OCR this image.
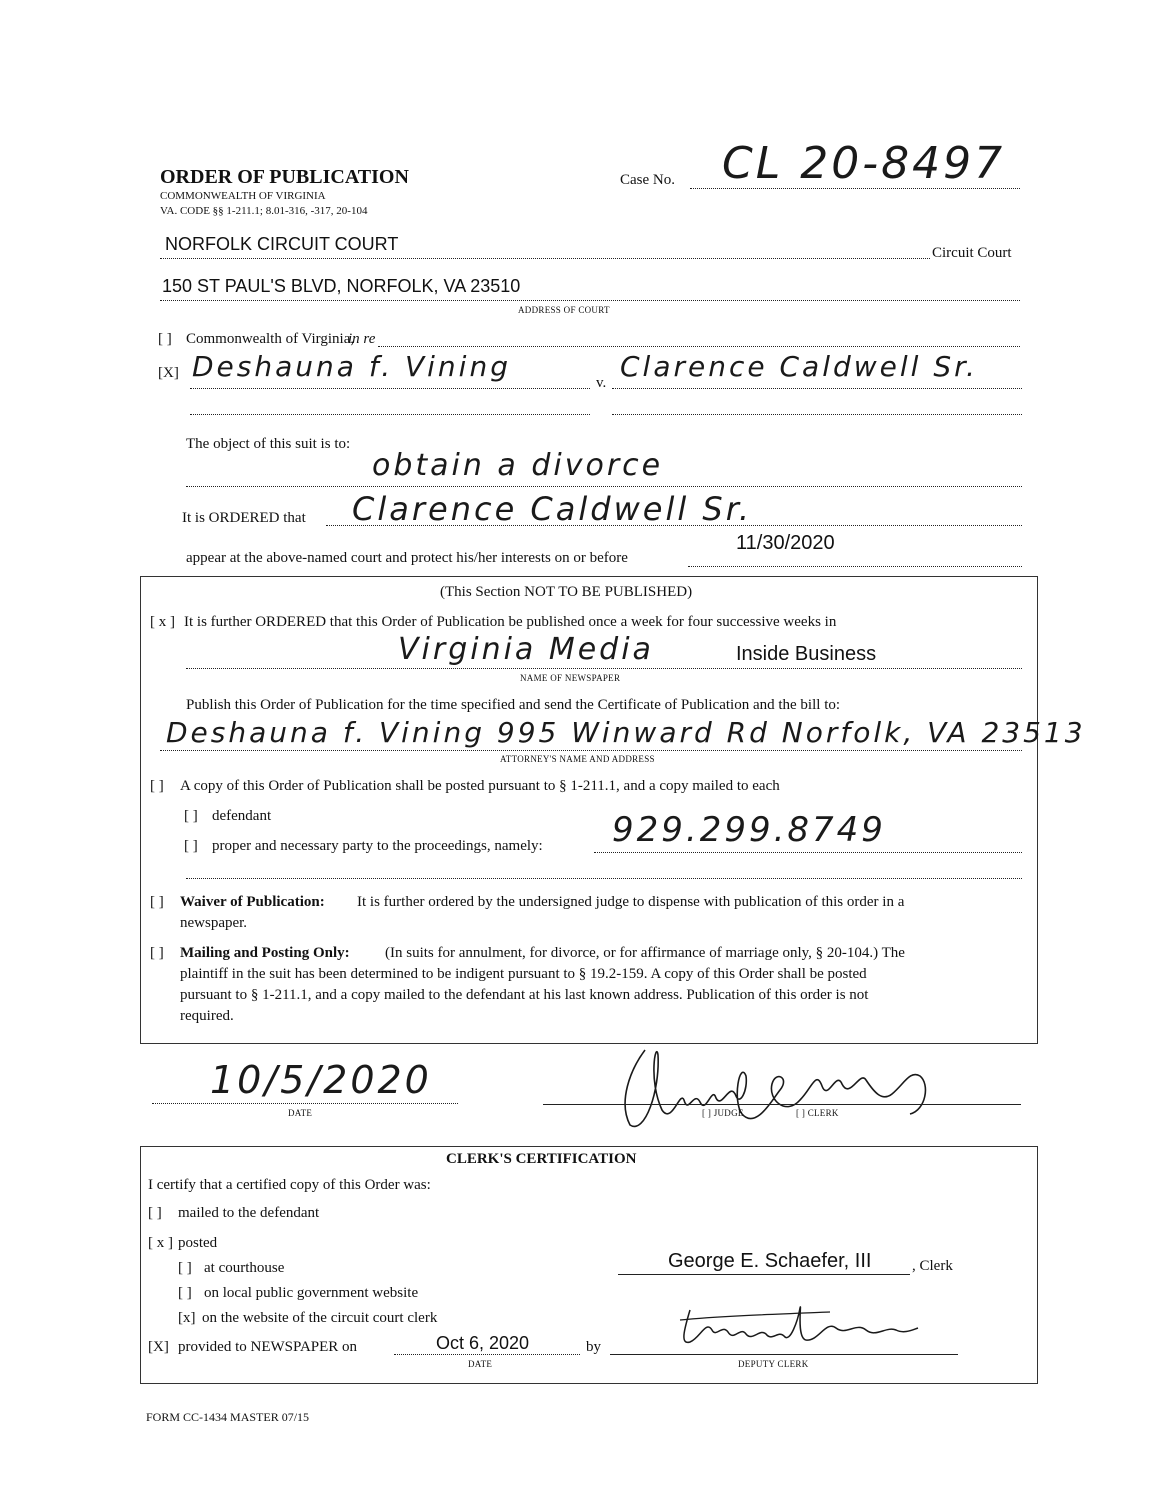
ORDER OF PUBLICATION
COMMONWEALTH OF VIRGINIA
VA. CODE §§ 1-211.1; 8.01-316, -317, 20-104
Case No. CL 20-8497
NORFOLK CIRCUIT COURT	Circuit Court
150 ST PAUL'S BLVD, NORFOLK, VA 23510
ADDRESS OF COURT
[ ] Commonwealth of Virginia,
in re
[X] Deshauna f. Vining	v. Clarence Caldwell Sr.
The object of this suit is to:
obtain a divorce
It is ORDERED that Clarence Caldwell Sr.
appear at the above-named court and protect his/her interests on or before
11/30/2020
(This Section NOT TO BE PUBLISHED)
[ x ] It is further ORDERED that this Order of Publication be published once a week for four successive weeks in
Virginia Media	Inside Business
NAME OF NEWSPAPER
Publish this Order of Publication for the time specified and send the Certificate of Publication and the bill to:
Deshauna f. Vining 995 Winward Rd Norfolk, VA 23513
ATTORNEY'S NAME AND ADDRESS
[ ] A copy of this Order of Publication shall be posted pursuant to § 1-211.1, and a copy mailed to each
[ ] defendant
[ ] proper and necessary party to the proceedings, namely: 929.299.8749
[ ] Waiver of Publication: It is further ordered by the undersigned judge to dispense with publication of this order in a
newspaper.
[ ] Mailing and Posting Only: (In suits for annulment, for divorce, or for affirmance of marriage only, § 20-104.) The
plaintiff in the suit has been determined to be indigent pursuant to § 19.2-159. A copy of this Order shall be posted
pursuant to § 1-211.1, and a copy mailed to the defendant at his last known address. Publication of this order is not
required.
10/5/2020
DATE	[ ] JUDGE	[ ] CLERK
CLERK'S CERTIFICATION
I certify that a certified copy of this Order was:
[ ] mailed to the defendant
[ x ] posted
[ ] at courthouse
[ ] on local public government website
[x] on the website of the circuit court clerk
[X] provided to NEWSPAPER on	Oct 6, 2020
DATE
by
George E. Schaefer, III	, Clerk
DEPUTY CLERK
FORM CC-1434 MASTER 07/15
